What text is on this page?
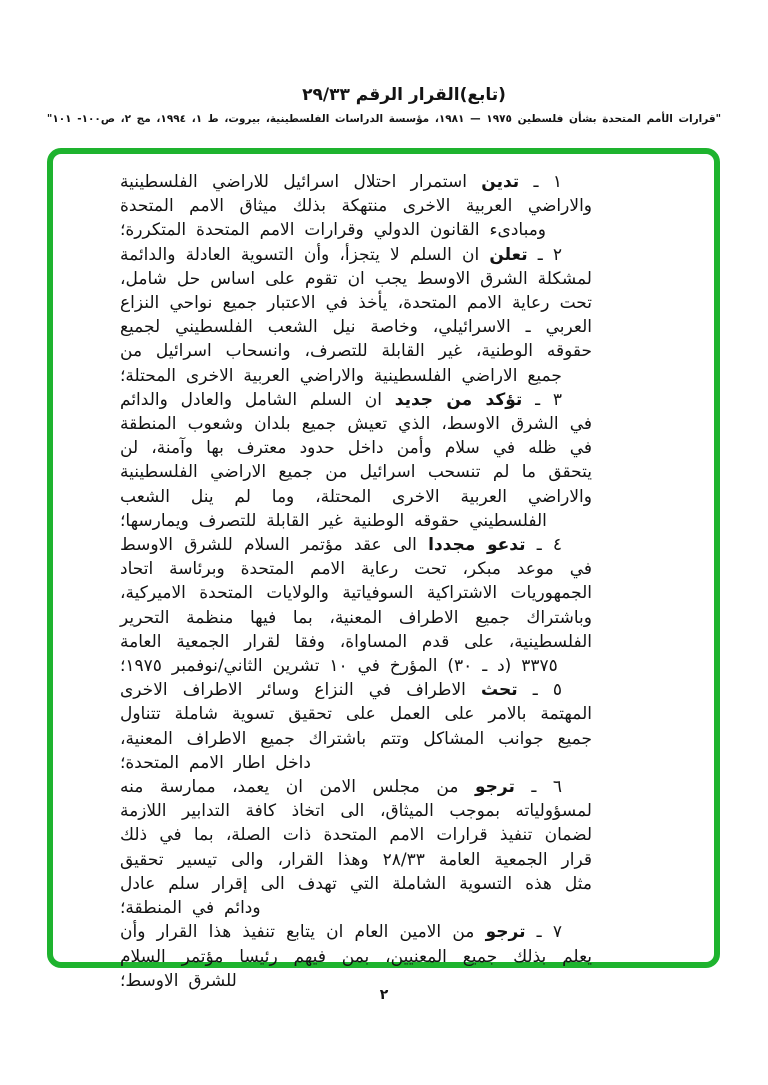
(تابع)القرار الرقم ٢٩/٣٣
"قرارات الأمم المتحدة بشأن فلسطين ١٩٧٥ — ١٩٨١، مؤسسة الدراسات الفلسطينية، بيروت، ط ١، ١٩٩٤، مج ٢، ص١٠٠- ١٠١"

١ ـ تدين استمرار احتلال اسرائيل للاراضي الفلسطينية والاراضي العربية الاخرى منتهكة بذلك ميثاق الامم المتحدة ومبادىء القانون الدولي وقرارات الامم المتحدة المتكررة؛

٢ ـ تعلن ان السلم لا يتجزأ، وأن التسوية العادلة والدائمة لمشكلة الشرق الاوسط يجب ان تقوم على اساس حل شامل، تحت رعاية الامم المتحدة، يأخذ في الاعتبار جميع نواحي النزاع العربي ـ الاسرائيلي، وخاصة نيل الشعب الفلسطيني لجميع حقوقه الوطنية، غير القابلة للتصرف، وانسحاب اسرائيل من جميع الاراضي الفلسطينية والاراضي العربية الاخرى المحتلة؛

٣ ـ تؤكد من جديد ان السلم الشامل والعادل والدائم في الشرق الاوسط، الذي تعيش جميع بلدان وشعوب المنطقة في ظله في سلام وأمن داخل حدود معترف بها وآمنة، لن يتحقق ما لم تنسحب اسرائيل من جميع الاراضي الفلسطينية والاراضي العربية الاخرى المحتلة، وما لم ينل الشعب الفلسطيني حقوقه الوطنية غير القابلة للتصرف ويمارسها؛

٤ ـ تدعو مجددا الى عقد مؤتمر السلام للشرق الاوسط في موعد مبكر، تحت رعاية الامم المتحدة وبرئاسة اتحاد الجمهوريات الاشتراكية السوفياتية والولايات المتحدة الاميركية، وباشتراك جميع الاطراف المعنية، بما فيها منظمة التحرير الفلسطينية، على قدم المساواة، وفقا لقرار الجمعية العامة ٣٣٧٥ (د ـ ٣٠) المؤرخ في ١٠ تشرين الثاني/نوفمبر ١٩٧٥؛

٥ ـ تحث الاطراف في النزاع وسائر الاطراف الاخرى المهتمة بالامر على العمل على تحقيق تسوية شاملة تتناول جميع جوانب المشاكل وتتم باشتراك جميع الاطراف المعنية، داخل اطار الامم المتحدة؛

٦ ـ ترجو من مجلس الامن ان يعمد، ممارسة منه لمسؤولياته بموجب الميثاق، الى اتخاذ كافة التدابير اللازمة لضمان تنفيذ قرارات الامم المتحدة ذات الصلة، بما في ذلك قرار الجمعية العامة ٢٨/٣٣ وهذا القرار، والى تيسير تحقيق مثل هذه التسوية الشاملة التي تهدف الى إقرار سلم عادل ودائم في المنطقة؛

٧ ـ ترجو من الامين العام ان يتابع تنفيذ هذا القرار وأن يعلم بذلك جميع المعنيين، بمن فيهم رئيسا مؤتمر السلام للشرق الاوسط؛

٢
